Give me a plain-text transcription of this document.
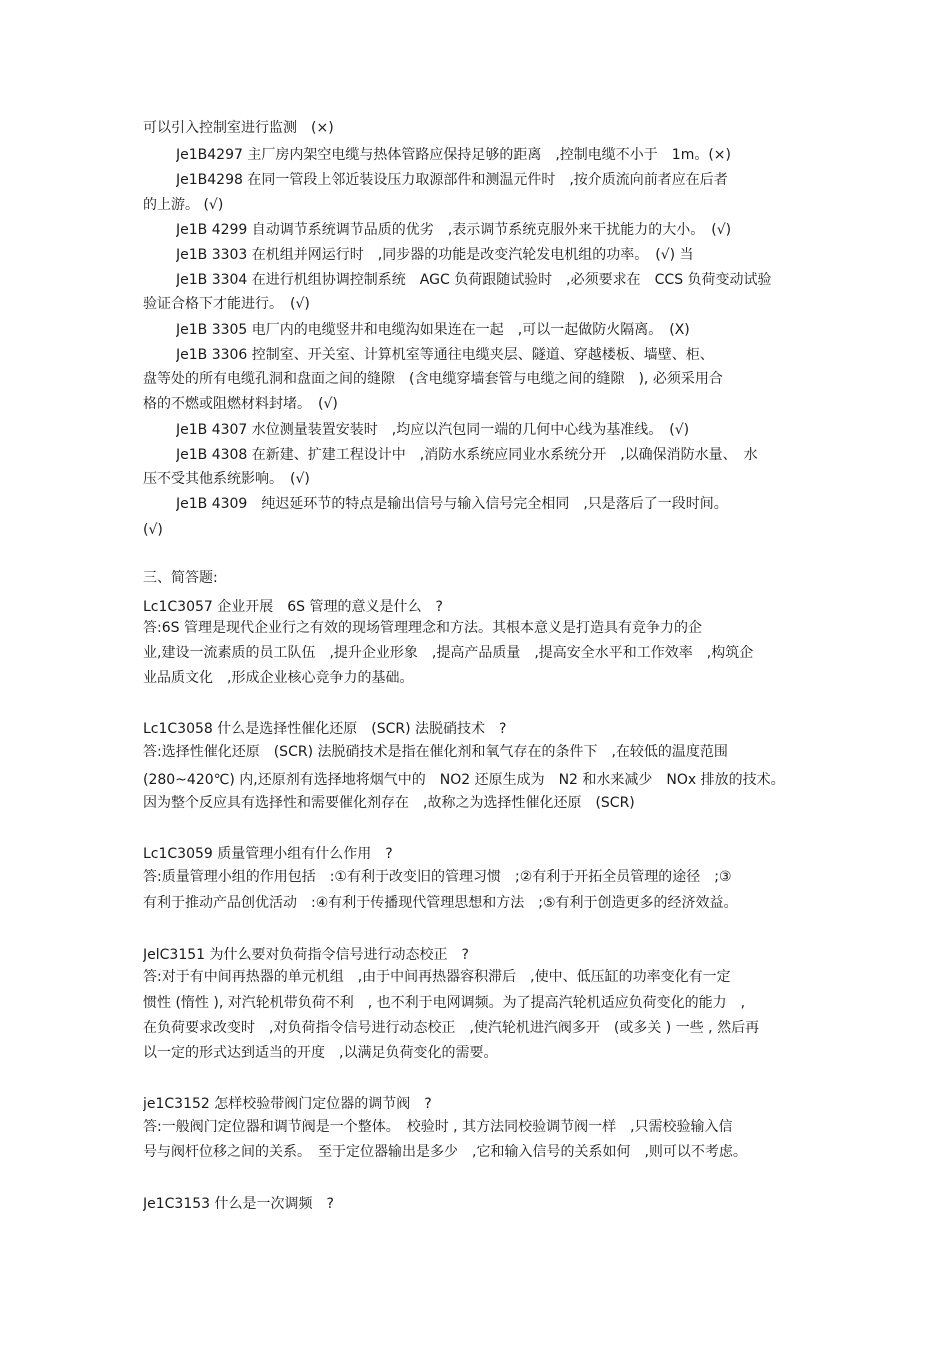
可以引入控制室进行监测　(×)
Je1B4297 主厂房内架空电缆与热体管路应保持足够的距离　,控制电缆不小于　1m。(×)
Je1B4298 在同一管段上邻近装设压力取源部件和测温元件时　,按介质流向前者应在后者
的上游。 (√)
Je1B 4299 自动调节系统调节品质的优劣　,表示调节系统克服外来干扰能力的大小。　(√)
Je1B 3303 在机组并网运行时　,同步器的功能是改变汽轮发电机组的功率。　(√) 当
Je1B 3304 在进行机组协调控制系统　AGC 负荷跟随试验时　,必须要求在　CCS 负荷变动试验
验证合格下才能进行。　(√)
Je1B 3305 电厂内的电缆竖井和电缆沟如果连在一起　,可以一起做防火隔离。　(X)
Je1B 3306 控制室、开关室、计算机室等通往电缆夹层、隧道、穿越楼板、墙壁、柜、
盘等处的所有电缆孔洞和盘面之间的缝隙　(含电缆穿墙套管与电缆之间的缝隙　), 必须采用合
格的不燃或阻燃材料封堵。　(√)
Je1B 4307 水位测量装置安装时　,均应以汽包同一端的几何中心线为基准线。　(√)
Je1B 4308 在新建、扩建工程设计中　,消防水系统应同业水系统分开　,以确保消防水量、　水
压不受其他系统影响。　(√)
Je1B 4309　纯迟延环节的特点是输出信号与输入信号完全相同　,只是落后了一段时间。
(√)
三、简答题:
Lc1C3057 企业开展　6S 管理的意义是什么　?
答:6S 管理是现代企业行之有效的现场管理理念和方法。其根本意义是打造具有竞争力的企
业,建设一流素质的员工队伍　,提升企业形象　,提高产品质量　,提高安全水平和工作效率　,构筑企
业品质文化　,形成企业核心竞争力的基础。
Lc1C3058 什么是选择性催化还原　(SCR) 法脱硝技术　?
答:选择性催化还原　(SCR) 法脱硝技术是指在催化剂和氧气存在的条件下　,在较低的温度范围
(280~420℃) 内,还原剂有选择地将烟气中的　NO2 还原生成为　N2 和水来减少　NOx 排放的技术。
因为整个反应具有选择性和需要催化剂存在　,故称之为选择性催化还原　(SCR)
Lc1C3059 质量管理小组有什么作用　?
答:质量管理小组的作用包括　:①有利于改变旧的管理习惯　;②有利于开拓全员管理的途径　;③
有利于推动产品创优活动　:④有利于传播现代管理思想和方法　;⑤有利于创造更多的经济效益。
JelC3151 为什么要对负荷指令信号进行动态校正　?
答:对于有中间再热器的单元机组　,由于中间再热器容积滞后　,使中、低压缸的功率变化有一定
惯性 (惰性 ), 对汽轮机带负荷不利　, 也不利于电网调频。为了提高汽轮机适应负荷变化的能力　,
在负荷要求改变时　,对负荷指令信号进行动态校正　,使汽轮机进汽阀多开　(或多关 ) 一些 , 然后再
以一定的形式达到适当的开度　,以满足负荷变化的需要。
je1C3152 怎样校验带阀门定位器的调节阀　?
答:一般阀门定位器和调节阀是一个整体。　校验时 , 其方法同校验调节阀一样　,只需校验输入信
号与阀杆位移之间的关系。　至于定位器输出是多少　,它和输入信号的关系如何　,则可以不考虑。
Je1C3153 什么是一次调频　?
